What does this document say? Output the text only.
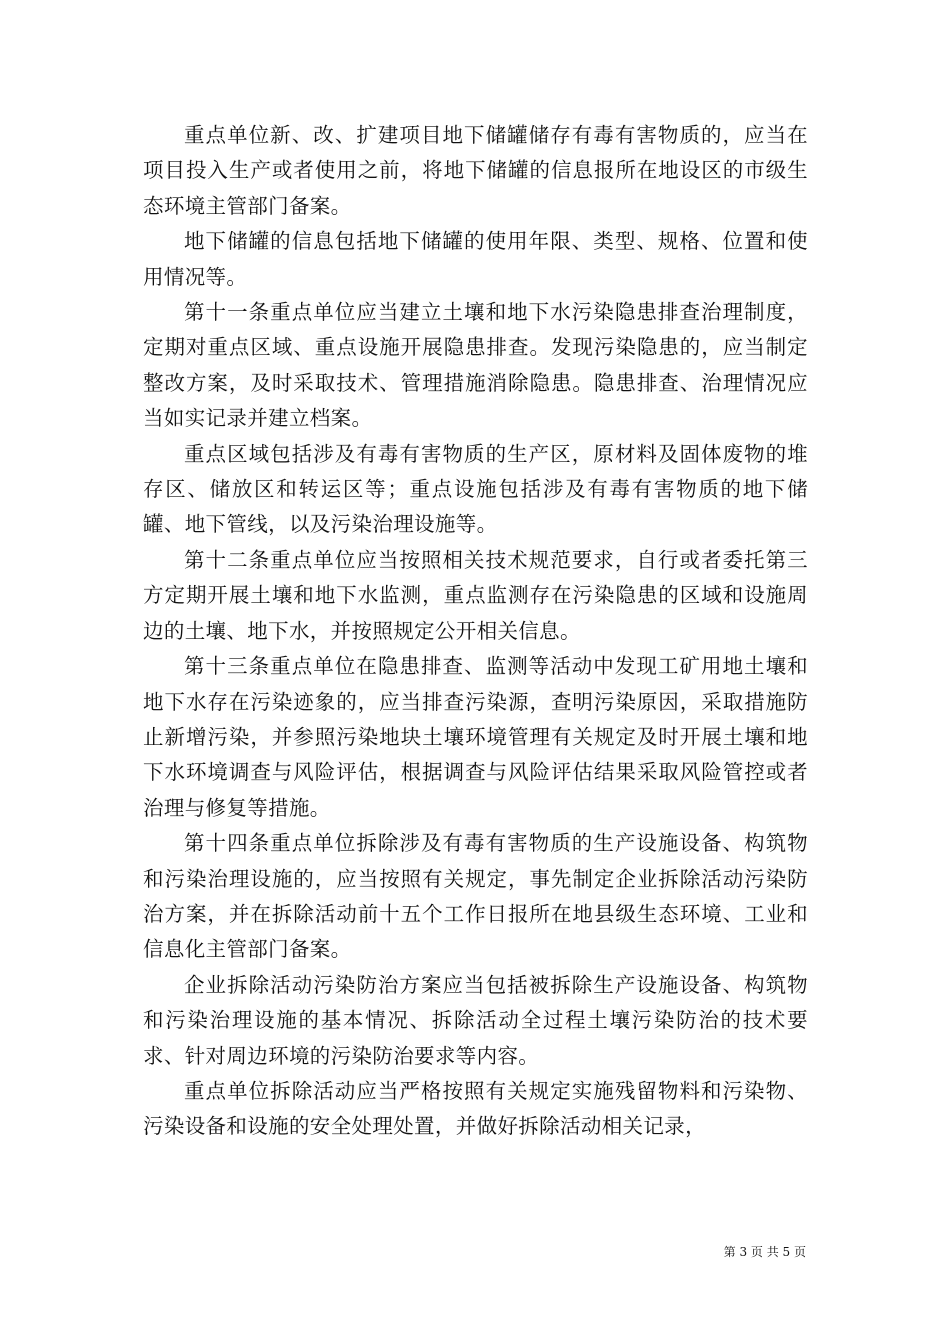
重点单位新、改、扩建项目地下储罐储存有毒有害物质的，应当在项目投入生产或者使用之前，将地下储罐的信息报所在地设区的市级生态环境主管部门备案。

地下储罐的信息包括地下储罐的使用年限、类型、规格、位置和使用情况等。

第十一条重点单位应当建立土壤和地下水污染隐患排查治理制度，定期对重点区域、重点设施开展隐患排查。发现污染隐患的，应当制定整改方案，及时采取技术、管理措施消除隐患。隐患排查、治理情况应当如实记录并建立档案。

重点区域包括涉及有毒有害物质的生产区，原材料及固体废物的堆存区、储放区和转运区等；重点设施包括涉及有毒有害物质的地下储罐、地下管线，以及污染治理设施等。

第十二条重点单位应当按照相关技术规范要求，自行或者委托第三方定期开展土壤和地下水监测，重点监测存在污染隐患的区域和设施周边的土壤、地下水，并按照规定公开相关信息。

第十三条重点单位在隐患排查、监测等活动中发现工矿用地土壤和地下水存在污染迹象的，应当排查污染源，查明污染原因，采取措施防止新增污染，并参照污染地块土壤环境管理有关规定及时开展土壤和地下水环境调查与风险评估，根据调查与风险评估结果采取风险管控或者治理与修复等措施。

第十四条重点单位拆除涉及有毒有害物质的生产设施设备、构筑物和污染治理设施的，应当按照有关规定，事先制定企业拆除活动污染防治方案，并在拆除活动前十五个工作日报所在地县级生态环境、工业和信息化主管部门备案。

企业拆除活动污染防治方案应当包括被拆除生产设施设备、构筑物和污染治理设施的基本情况、拆除活动全过程土壤污染防治的技术要求、针对周边环境的污染防治要求等内容。

重点单位拆除活动应当严格按照有关规定实施残留物料和污染物、污染设备和设施的安全处理处置，并做好拆除活动相关记录，

第 3 页 共 5 页
